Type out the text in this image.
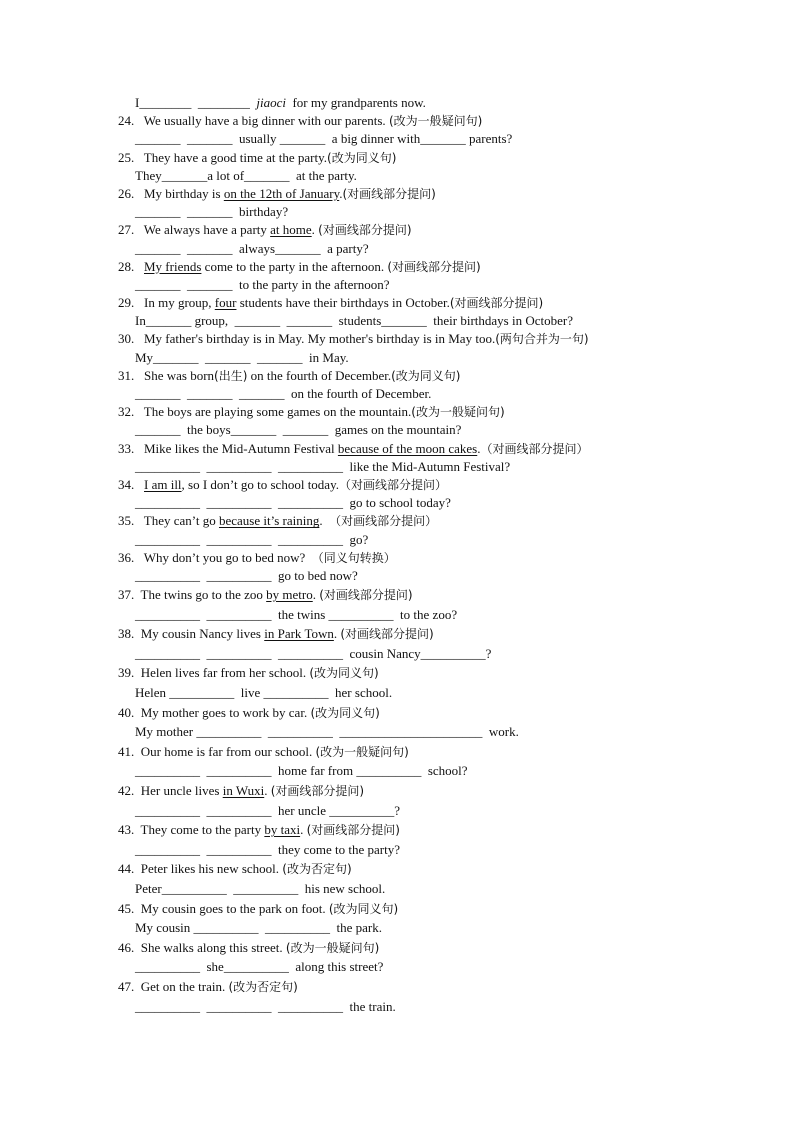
I________  ________  jiaoci  for my grandparents now.
24.   We usually have a big dinner with our parents. (改为一般疑问句)
_______  _______  usually _______  a big dinner with_______ parents?
25.   They have a good time at the party.(改为同义句)
They_______a lot of_______  at the party.
26.   My birthday is on the 12th of January.(对画线部分提问)
_______  _______  birthday?
27.   We always have a party at home. (对画线部分提问)
_______  _______  always_______  a party?
28.   My friends come to the party in the afternoon. (对画线部分提问)
_______  _______  to the party in the afternoon?
29.   In my group, four students have their birthdays in October.(对画线部分提问)
In_______ group,  _______  _______  students_______  their birthdays in October?
30.   My father's birthday is in May. My mother's birthday is in May too.(两句合并为一句)
My_______  _______  _______  in May.
31.   She was born(出生) on the fourth of December.(改为同义句)
_______  _______  _______  on the fourth of December.
32.   The boys are playing some games on the mountain.(改为一般疑问句)
_______  the boys_______  _______  games on the mountain?
33.   Mike likes the Mid-Autumn Festival because of the moon cakes.（对画线部分提问）
__________  __________  __________  like the Mid-Autumn Festival?
34.   I am ill, so I don’t go to school today.（对画线部分提问）
__________  __________  __________  go to school today?
35.   They can’t go because it’s raining.  （对画线部分提问）
__________  __________  __________  go?
36.   Why don’t you go to bed now?  （同义句转换）
__________  __________  go to bed now?
37.  The twins go to the zoo by metro. (对画线部分提问)
__________  __________  the twins __________  to the zoo?
38.  My cousin Nancy lives in Park Town. (对画线部分提问)
__________  __________  __________  cousin Nancy__________?
39.  Helen lives far from her school. (改为同义句)
Helen __________  live __________  her school.
40.  My mother goes to work by car. (改为同义句)
My mother __________  __________  ______________________  work.
41.  Our home is far from our school. (改为一般疑问句)
__________  __________  home far from __________  school?
42.  Her uncle lives in Wuxi. (对画线部分提问)
__________  __________  her uncle __________?
43.  They come to the party by taxi. (对画线部分提问)
__________  __________  they come to the party?
44.  Peter likes his new school. (改为否定句)
Peter__________  __________  his new school.
45.  My cousin goes to the park on foot. (改为同义句)
My cousin __________  __________  the park.
46.  She walks along this street. (改为一般疑问句)
__________  she__________  along this street?
47.  Get on the train. (改为否定句)
__________  __________  __________  the train.
